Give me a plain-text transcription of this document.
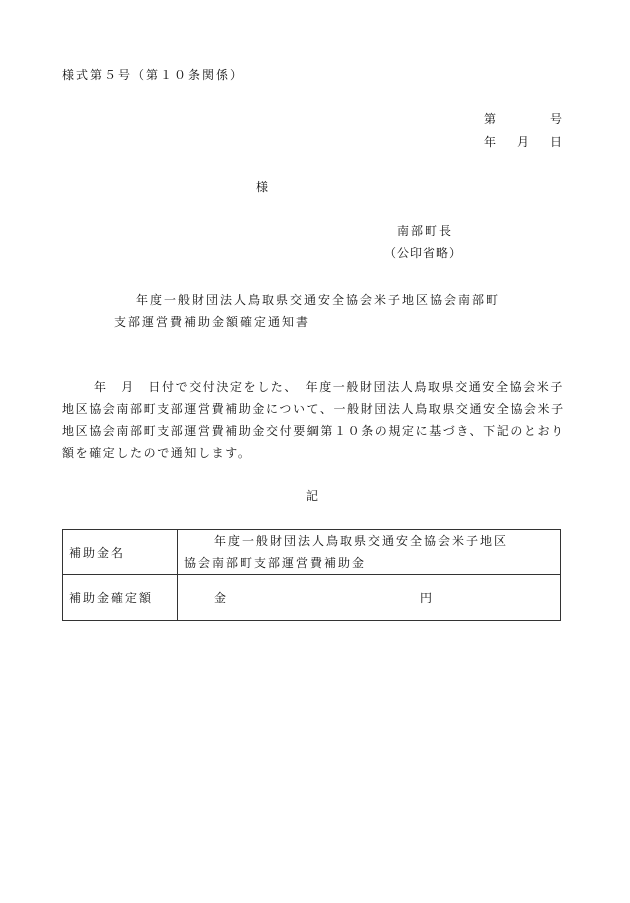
様式第５号（第１０条関係）
第	号
年 月 日
様
南部町長
（公印省略）
年度一般財団法人鳥取県交通安全協会米子地区協会南部町
支部運営費補助金額確定通知書
年　月　日付で交付決定をした、　年度一般財団法人鳥取県交通安全協会米子地区協会南部町支部運営費補助金について、一般財団法人鳥取県交通安全協会米子地区協会南部町支部運営費補助金交付要綱第１０条の規定に基づき、下記のとおり額を確定したので通知します。
記
補助金名	年度一般財団法人鳥取県交通安全協会米子地区
協会南部町支部運営費補助金

補助金確定額	金 円
